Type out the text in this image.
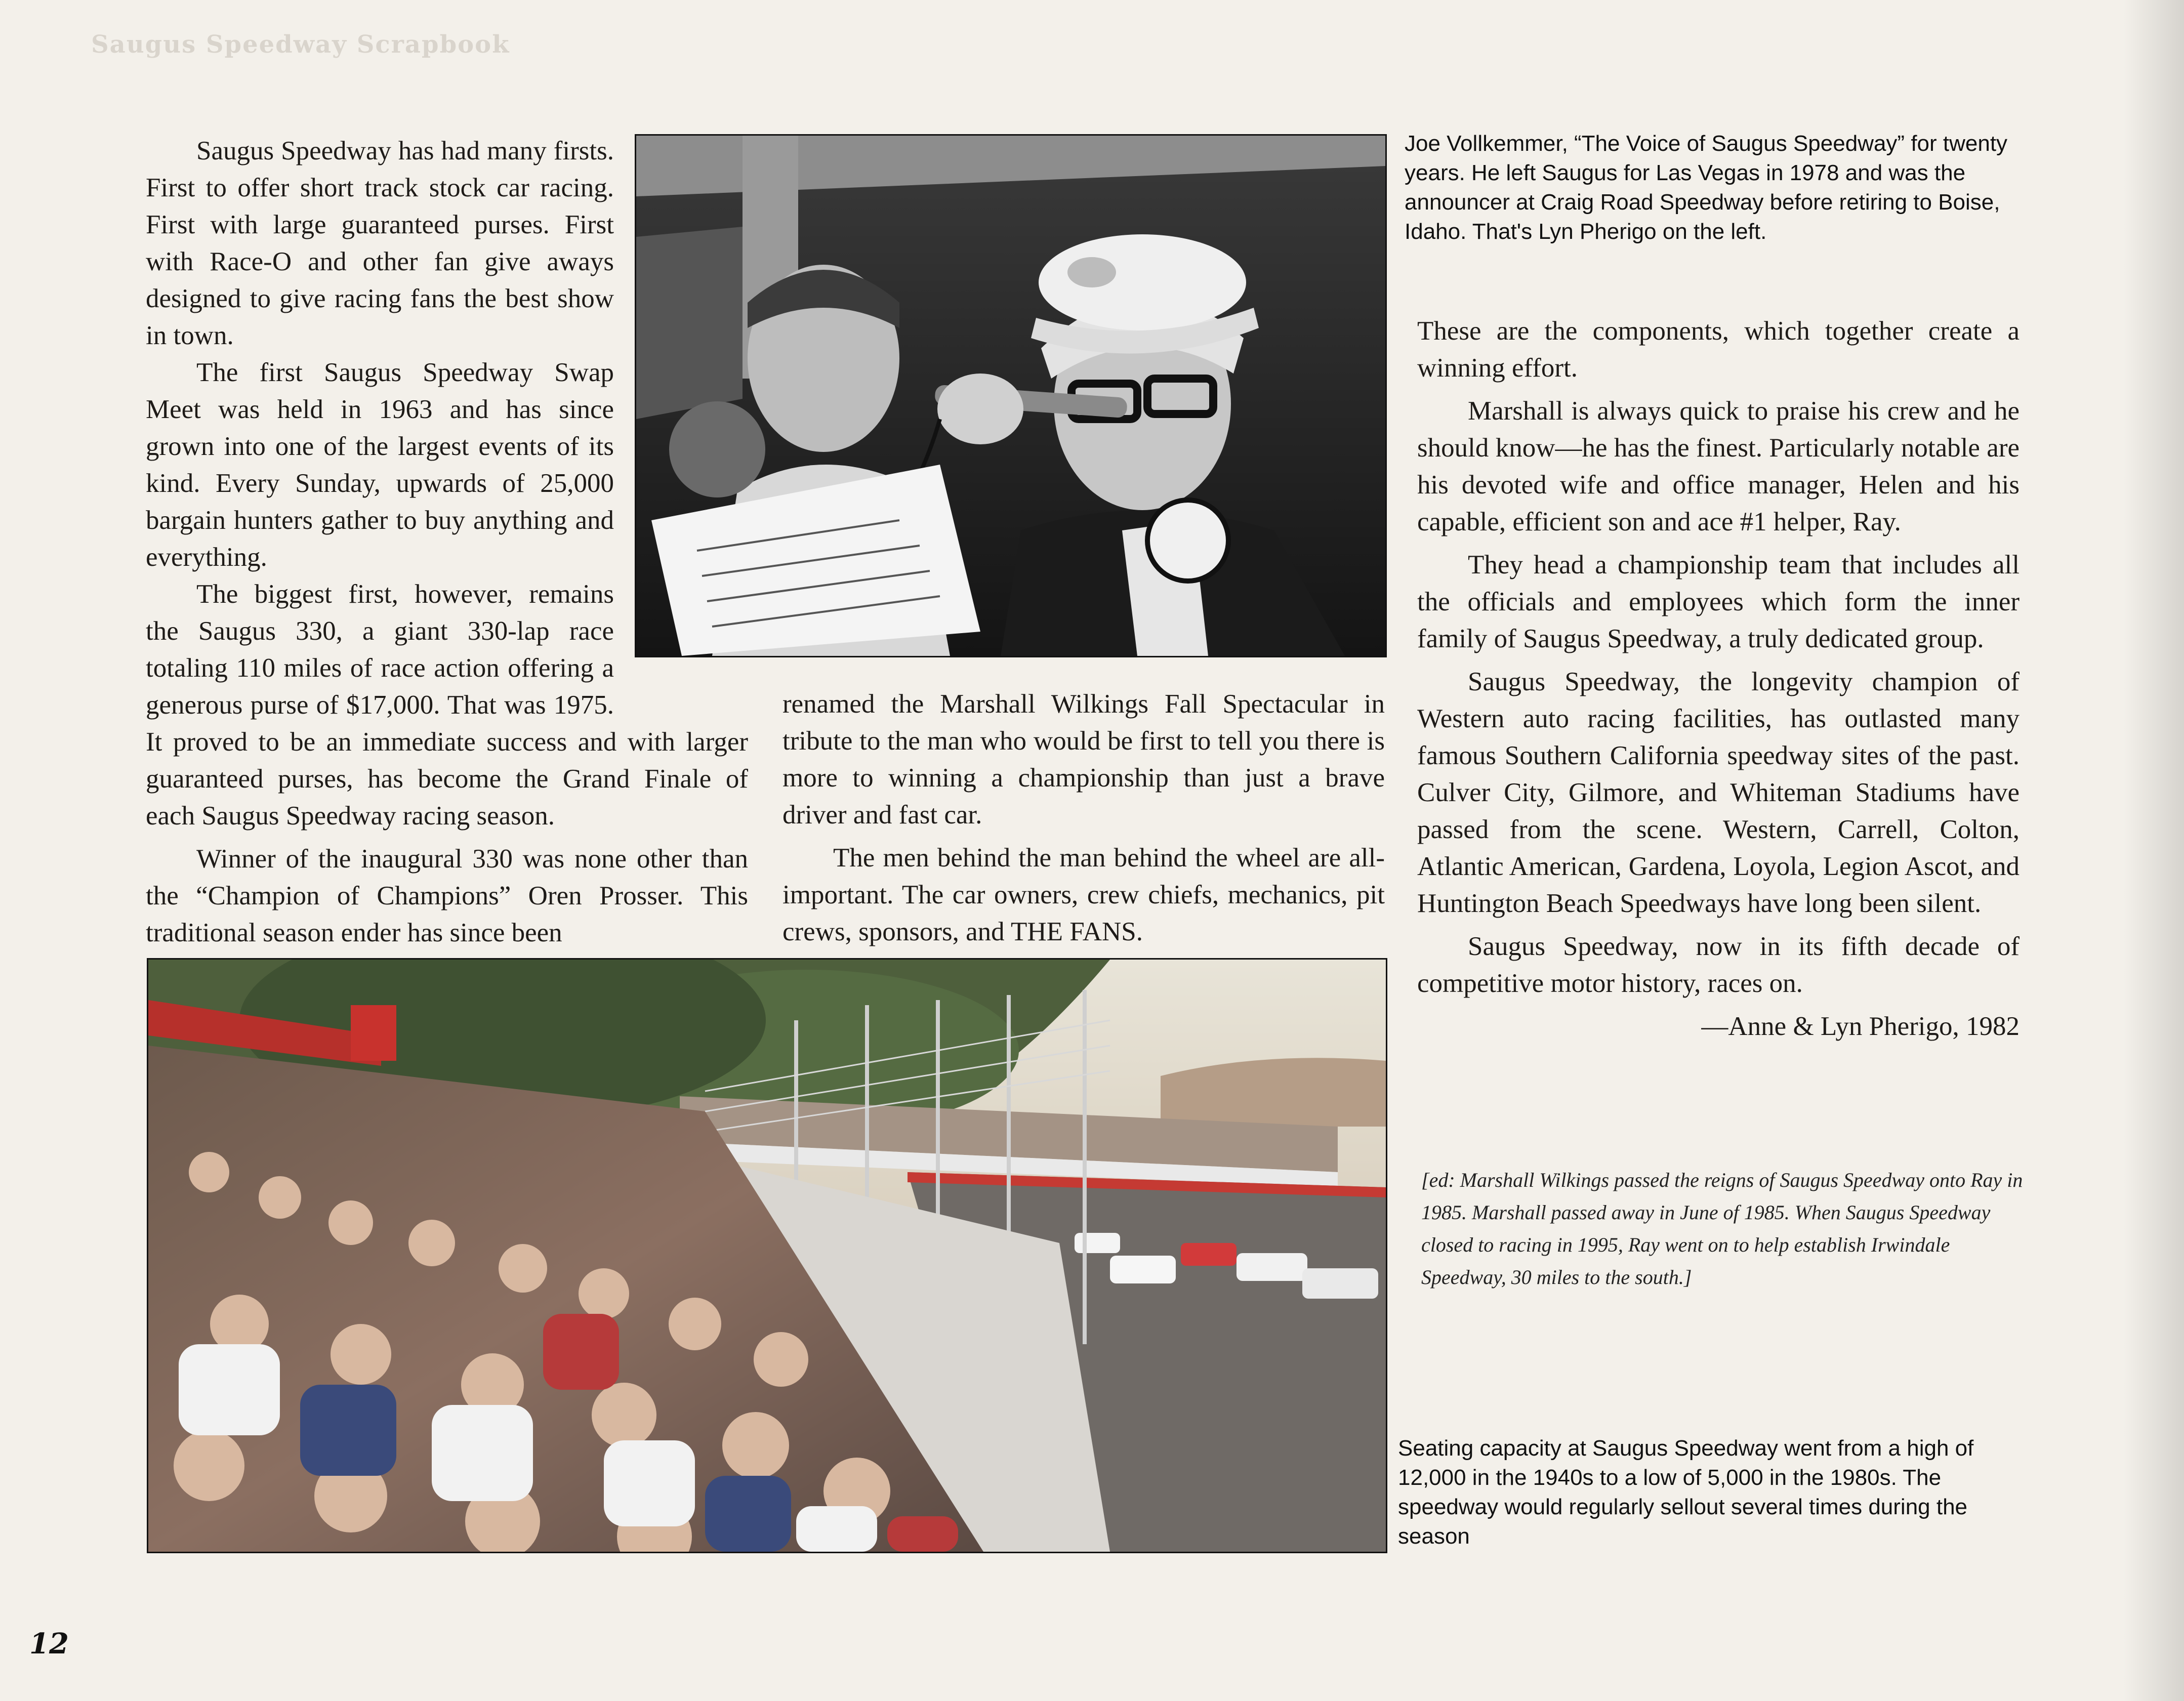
Saugus Speedway Scrapbook

Saugus Speedway has had many firsts. First to offer short track stock car racing. First with large guaranteed purses. First with Race-O and other fan give aways designed to give racing fans the best show in town.

The first Saugus Speedway Swap Meet was held in 1963 and has since grown into one of the largest events of its kind. Every Sunday, upwards of 25,000 bargain hunters gather to buy anything and everything.

The biggest first, however, remains the Saugus 330, a giant 330-lap race totaling 110 miles of race action offering a generous purse of $17,000. That was 1975. It proved to be an immediate success and with larger guaranteed purses, has become the Grand Finale of each Saugus Speedway racing season.

Winner of the inaugural 330 was none other than the “Champion of Champions” Oren Prosser. This traditional season ender has since been

renamed the Marshall Wilkings Fall Spectacular in tribute to the man who would be first to tell you there is more to winning a championship than just a brave driver and fast car.

The men behind the man behind the wheel are all-important. The car owners, crew chiefs, mechanics, pit crews, sponsors, and THE FANS.

Joe Vollkemmer, “The Voice of Saugus Speedway” for twenty years. He left Saugus for Las Vegas in 1978 and was the announcer at Craig Road Speedway before retiring to Boise, Idaho. That's Lyn Pherigo on the left.

These are the components, which together create a winning effort.

Marshall is always quick to praise his crew and he should know—he has the finest. Particularly notable are his devoted wife and office manager, Helen and his capable, efficient son and ace #1 helper, Ray.

They head a championship team that includes all the officials and employees which form the inner family of Saugus Speedway, a truly dedicated group.

Saugus Speedway, the longevity champion of Western auto racing facilities, has outlasted many famous Southern California speedway sites of the past. Culver City, Gilmore, and Whiteman Stadiums have passed from the scene. Western, Carrell, Colton, Atlantic American, Gardena, Loyola, Legion Ascot, and Huntington Beach Speedways have long been silent.

Saugus Speedway, now in its fifth decade of competitive motor history, races on.

—Anne & Lyn Pherigo, 1982

[ed: Marshall Wilkings passed the reigns of Saugus Speedway onto Ray in 1985. Marshall passed away in June of 1985. When Saugus Speedway closed to racing in 1995, Ray went on to help establish Irwindale Speedway, 30 miles to the south.]
Seating capacity at Saugus Speedway went from a high of 12,000 in the 1940s to a low of 5,000 in the 1980s. The speedway would regularly sellout several times during the season
12
